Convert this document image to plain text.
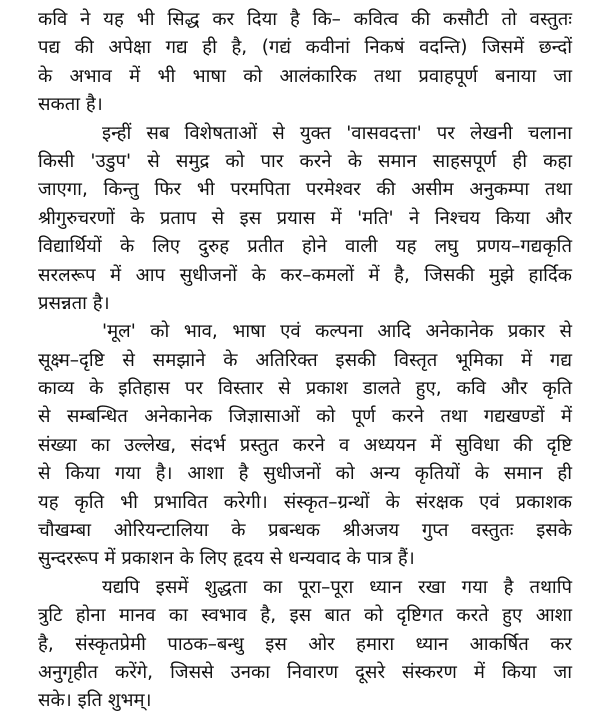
कवि ने यह भी सिद्ध कर दिया है कि– कवित्व की कसौटी तो वस्तुतः
पद्य की अपेक्षा गद्य ही है, (गद्यं कवीनां निकषं वदन्ति) जिसमें छन्दों
के अभाव में भी भाषा को आलंकारिक तथा प्रवाहपूर्ण बनाया जा
सकता है।
इन्हीं सब विशेषताओं से युक्त 'वासवदत्ता' पर लेखनी चलाना
किसी 'उडुप' से समुद्र को पार करने के समान साहसपूर्ण ही कहा
जाएगा, किन्तु फिर भी परमपिता परमेश्वर की असीम अनुकम्पा तथा
श्रीगुरुचरणों के प्रताप से इस प्रयास में 'मति' ने निश्चय किया और
विद्यार्थियों के लिए दुरुह प्रतीत होने वाली यह लघु प्रणय–गद्यकृति
सरलरूप में आप सुधीजनों के कर–कमलों में है, जिसकी मुझे हार्दिक
प्रसन्नता है।
'मूल' को भाव, भाषा एवं कल्पना आदि अनेकानेक प्रकार से
सूक्ष्म–दृष्टि से समझाने के अतिरिक्त इसकी विस्तृत भूमिका में गद्य
काव्य के इतिहास पर विस्तार से प्रकाश डालते हुए, कवि और कृति
से सम्बन्धित अनेकानेक जिज्ञासाओं को पूर्ण करने तथा गद्यखण्डों में
संख्या का उल्लेख, संदर्भ प्रस्तुत करने व अध्ययन में सुविधा की दृष्टि
से किया गया है। आशा है सुधीजनों को अन्य कृतियों के समान ही
यह कृति भी प्रभावित करेगी। संस्कृत–ग्रन्थों के संरक्षक एवं प्रकाशक
चौखम्बा ओरियन्टालिया के प्रबन्धक श्रीअजय गुप्त वस्तुतः इसके
सुन्दररूप में प्रकाशन के लिए हृदय से धन्यवाद के पात्र हैं।
यद्यपि इसमें शुद्धता का पूरा–पूरा ध्यान रखा गया है तथापि
त्रुटि होना मानव का स्वभाव है, इस बात को दृष्टिगत करते हुए आशा
है, संस्कृतप्रेमी पाठक–बन्धु इस ओर हमारा ध्यान आकर्षित कर
अनुगृहीत करेंगे, जिससे उनका निवारण दूसरे संस्करण में किया जा
सके। इति शुभम्।
